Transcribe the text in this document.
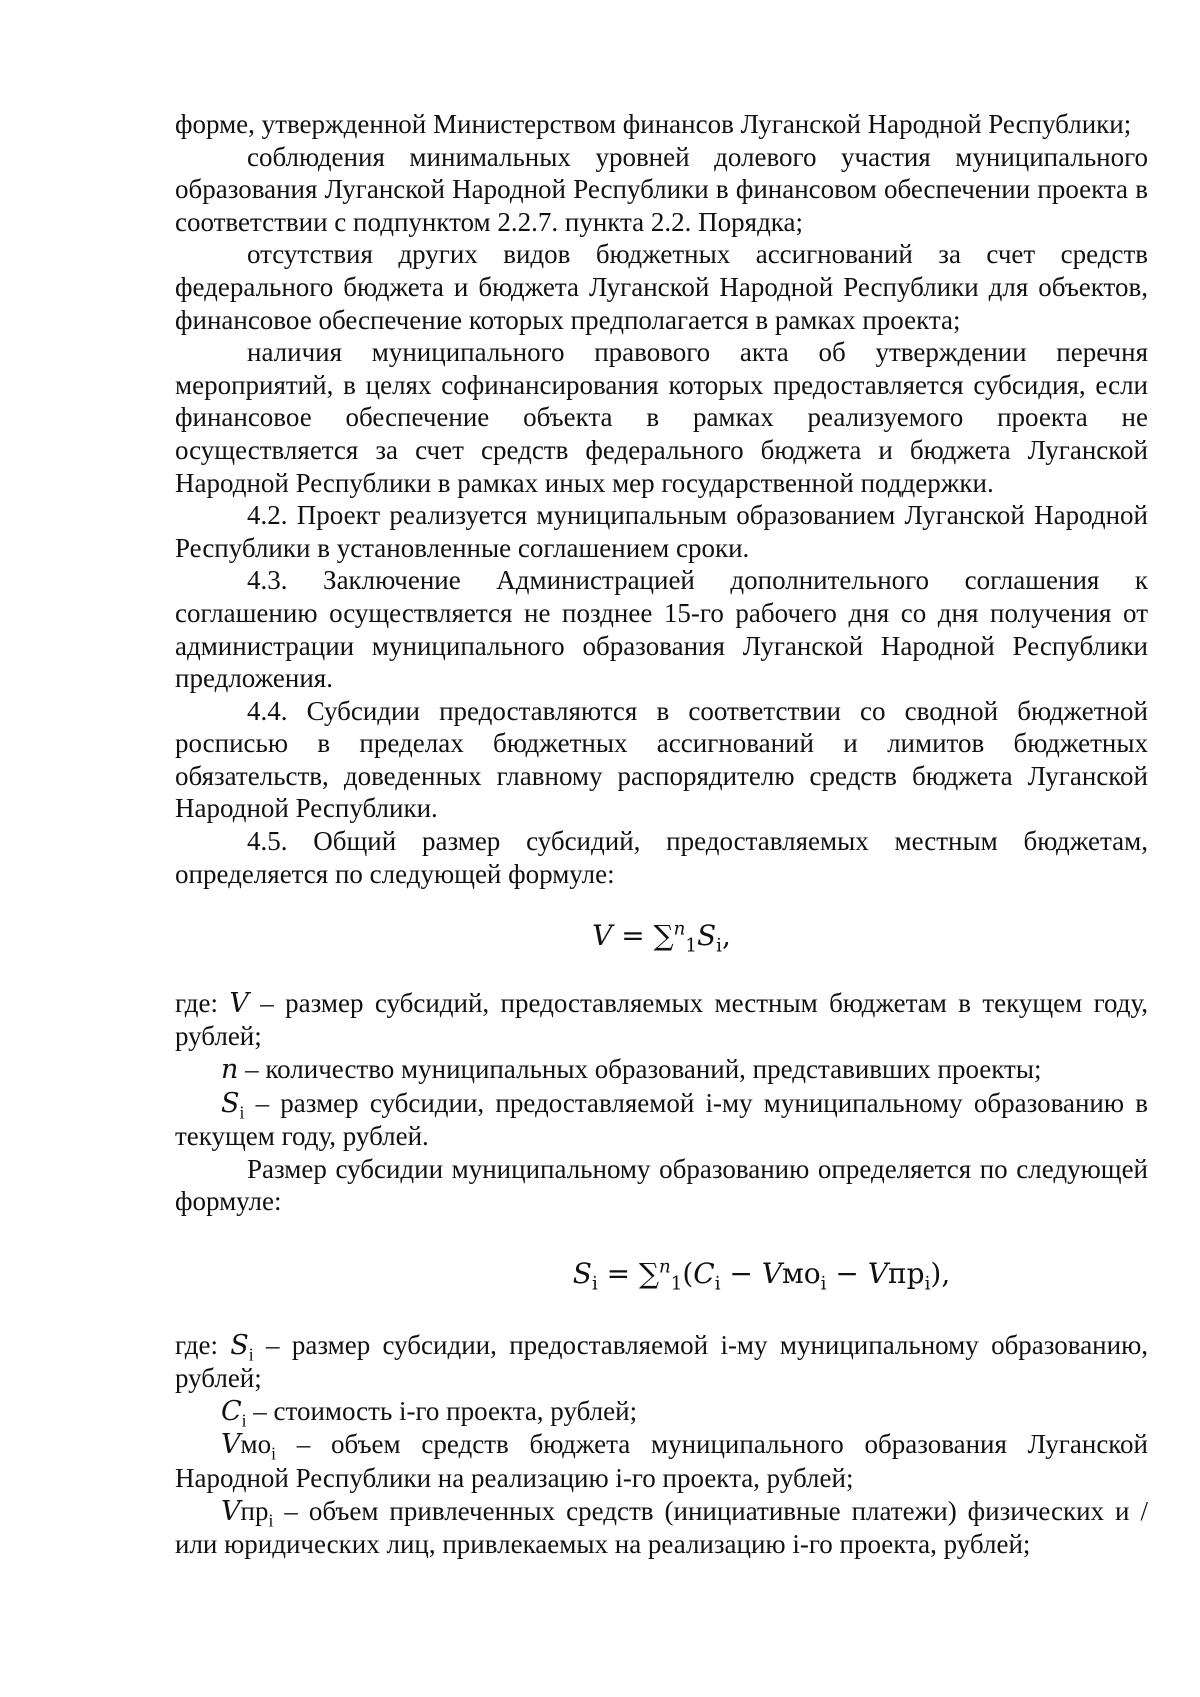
форме, утвержденной Министерством финансов Луганской Народной Республики;

соблюдения минимальных уровней долевого участия муниципального образования Луганской Народной Республики в финансовом обеспечении проекта в соответствии с подпунктом 2.2.7. пункта 2.2. Порядка;

отсутствия других видов бюджетных ассигнований за счет средств федерального бюджета и бюджета Луганской Народной Республики для объектов, финансовое обеспечение которых предполагается в рамках проекта;

наличия муниципального правового акта об утверждении перечня мероприятий, в целях софинансирования которых предоставляется субсидия, если финансовое обеспечение объекта в рамках реализуемого проекта не осуществляется за счет средств федерального бюджета и бюджета Луганской Народной Республики в рамках иных мер государственной поддержки.

4.2. Проект реализуется муниципальным образованием Луганской Народной Республики в установленные соглашением сроки.

4.3. Заключение Администрацией дополнительного соглашения к соглашению осуществляется не позднее 15-го рабочего дня со дня получения от администрации муниципального образования Луганской Народной Республики предложения.

4.4. Субсидии предоставляются в соответствии со сводной бюджетной росписью в пределах бюджетных ассигнований и лимитов бюджетных обязательств, доведенных главному распорядителю средств бюджета Луганской Народной Республики.

4.5. Общий размер субсидий, предоставляемых местным бюджетам, определяется по следующей формуле:

$V = \sum^n_1S_i$,

где: V – размер субсидий, предоставляемых местным бюджетам в текущем году, рублей;

n – количество муниципальных образований, представивших проекты;

$S_i$ – размер субсидии, предоставляемой i-му муниципальному образованию в текущем году, рублей.

Размер субсидии муниципальному образованию определяется по следующей формуле:

$S_i = \sum^n_1(C_i - Vмо_i - Vпр_i)$,

где: $S_i$ – размер субсидии, предоставляемой i-му муниципальному образованию, рублей;

$C_i$ – стоимость i-го проекта, рублей;

Vмо$_i$ – объем средств бюджета муниципального образования Луганской Народной Республики на реализацию i-го проекта, рублей;

Vпр$_i$ – объем привлеченных средств (инициативные платежи) физических и / или юридических лиц, привлекаемых на реализацию i-го проекта, рублей;
